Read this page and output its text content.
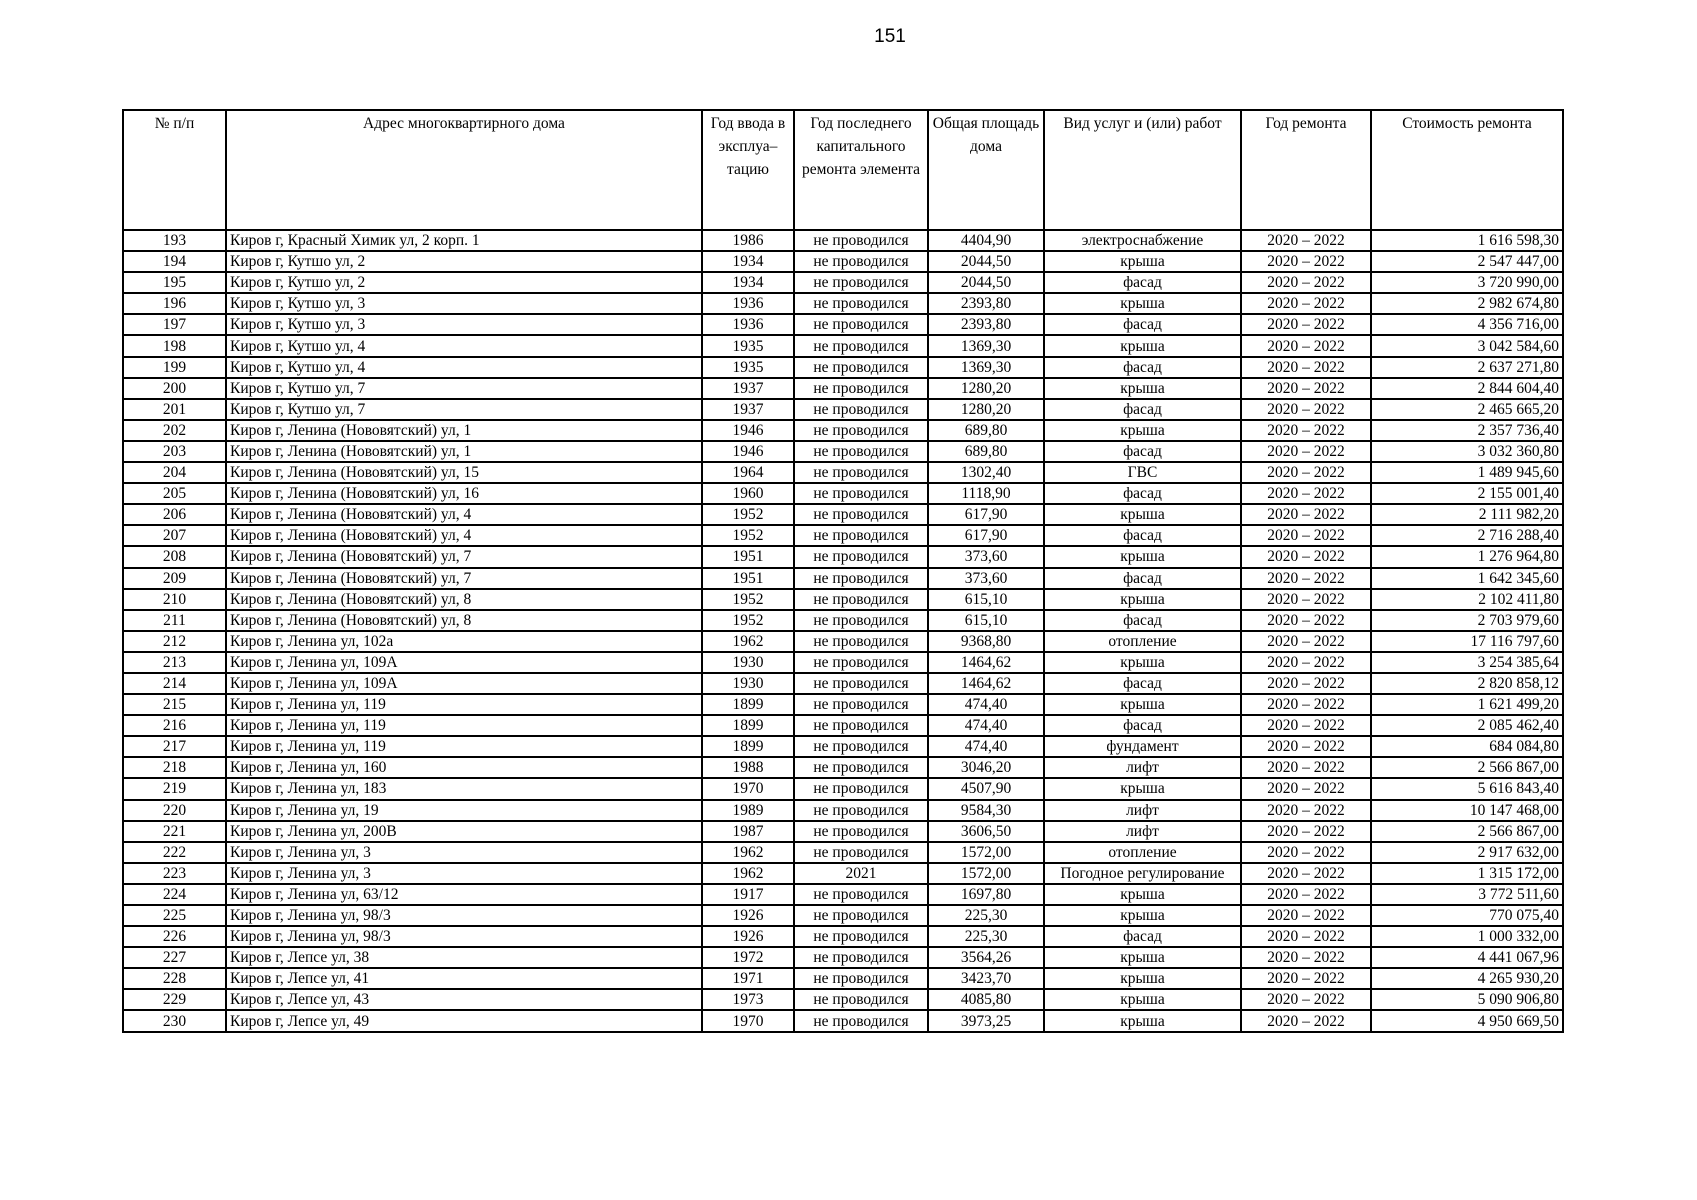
151
№ п/п	Адрес многоквартирного дома	Год ввода в эксплуа–тацию	Год последнего капитального ремонта элемента	Общая площадь дома	Вид услуг и (или) работ	Год ремонта	Стоимость ремонта
193	Киров г, Красный Химик ул, 2 корп. 1	1986	не проводился	4404,90	электроснабжение	2020 – 2022	1 616 598,30
194	Киров г, Кутшо ул, 2	1934	не проводился	2044,50	крыша	2020 – 2022	2 547 447,00
195	Киров г, Кутшо ул, 2	1934	не проводился	2044,50	фасад	2020 – 2022	3 720 990,00
196	Киров г, Кутшо ул, 3	1936	не проводился	2393,80	крыша	2020 – 2022	2 982 674,80
197	Киров г, Кутшо ул, 3	1936	не проводился	2393,80	фасад	2020 – 2022	4 356 716,00
198	Киров г, Кутшо ул, 4	1935	не проводился	1369,30	крыша	2020 – 2022	3 042 584,60
199	Киров г, Кутшо ул, 4	1935	не проводился	1369,30	фасад	2020 – 2022	2 637 271,80
200	Киров г, Кутшо ул, 7	1937	не проводился	1280,20	крыша	2020 – 2022	2 844 604,40
201	Киров г, Кутшо ул, 7	1937	не проводился	1280,20	фасад	2020 – 2022	2 465 665,20
202	Киров г, Ленина (Нововятский) ул, 1	1946	не проводился	689,80	крыша	2020 – 2022	2 357 736,40
203	Киров г, Ленина (Нововятский) ул, 1	1946	не проводился	689,80	фасад	2020 – 2022	3 032 360,80
204	Киров г, Ленина (Нововятский) ул, 15	1964	не проводился	1302,40	ГВС	2020 – 2022	1 489 945,60
205	Киров г, Ленина (Нововятский) ул, 16	1960	не проводился	1118,90	фасад	2020 – 2022	2 155 001,40
206	Киров г, Ленина (Нововятский) ул, 4	1952	не проводился	617,90	крыша	2020 – 2022	2 111 982,20
207	Киров г, Ленина (Нововятский) ул, 4	1952	не проводился	617,90	фасад	2020 – 2022	2 716 288,40
208	Киров г, Ленина (Нововятский) ул, 7	1951	не проводился	373,60	крыша	2020 – 2022	1 276 964,80
209	Киров г, Ленина (Нововятский) ул, 7	1951	не проводился	373,60	фасад	2020 – 2022	1 642 345,60
210	Киров г, Ленина (Нововятский) ул, 8	1952	не проводился	615,10	крыша	2020 – 2022	2 102 411,80
211	Киров г, Ленина (Нововятский) ул, 8	1952	не проводился	615,10	фасад	2020 – 2022	2 703 979,60
212	Киров г, Ленина ул, 102а	1962	не проводился	9368,80	отопление	2020 – 2022	17 116 797,60
213	Киров г, Ленина ул, 109А	1930	не проводился	1464,62	крыша	2020 – 2022	3 254 385,64
214	Киров г, Ленина ул, 109А	1930	не проводился	1464,62	фасад	2020 – 2022	2 820 858,12
215	Киров г, Ленина ул, 119	1899	не проводился	474,40	крыша	2020 – 2022	1 621 499,20
216	Киров г, Ленина ул, 119	1899	не проводился	474,40	фасад	2020 – 2022	2 085 462,40
217	Киров г, Ленина ул, 119	1899	не проводился	474,40	фундамент	2020 – 2022	684 084,80
218	Киров г, Ленина ул, 160	1988	не проводился	3046,20	лифт	2020 – 2022	2 566 867,00
219	Киров г, Ленина ул, 183	1970	не проводился	4507,90	крыша	2020 – 2022	5 616 843,40
220	Киров г, Ленина ул, 19	1989	не проводился	9584,30	лифт	2020 – 2022	10 147 468,00
221	Киров г, Ленина ул, 200В	1987	не проводился	3606,50	лифт	2020 – 2022	2 566 867,00
222	Киров г, Ленина ул, 3	1962	не проводился	1572,00	отопление	2020 – 2022	2 917 632,00
223	Киров г, Ленина ул, 3	1962	2021	1572,00	Погодное регулирование	2020 – 2022	1 315 172,00
224	Киров г, Ленина ул, 63/12	1917	не проводился	1697,80	крыша	2020 – 2022	3 772 511,60
225	Киров г, Ленина ул, 98/3	1926	не проводился	225,30	крыша	2020 – 2022	770 075,40
226	Киров г, Ленина ул, 98/3	1926	не проводился	225,30	фасад	2020 – 2022	1 000 332,00
227	Киров г, Лепсе ул, 38	1972	не проводился	3564,26	крыша	2020 – 2022	4 441 067,96
228	Киров г, Лепсе ул, 41	1971	не проводился	3423,70	крыша	2020 – 2022	4 265 930,20
229	Киров г, Лепсе ул, 43	1973	не проводился	4085,80	крыша	2020 – 2022	5 090 906,80
230	Киров г, Лепсе ул, 49	1970	не проводился	3973,25	крыша	2020 – 2022	4 950 669,50
